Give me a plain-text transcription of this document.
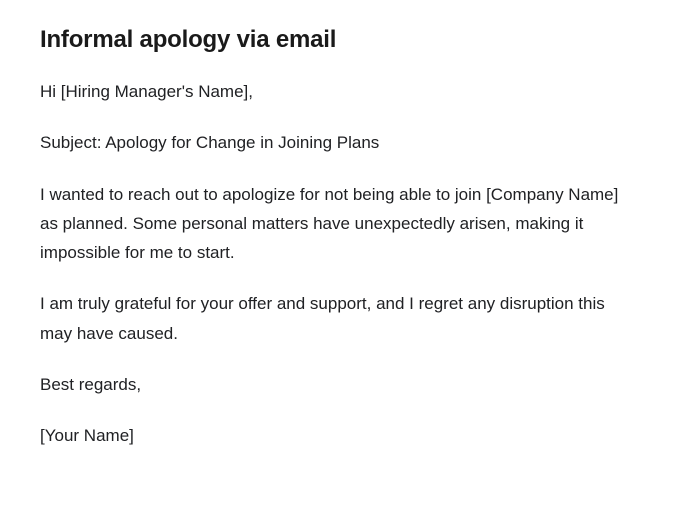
Informal apology via email

Hi [Hiring Manager's Name],

Subject: Apology for Change in Joining Plans

I wanted to reach out to apologize for not being able to join [Company Name] as planned. Some personal matters have unexpectedly arisen, making it impossible for me to start.

I am truly grateful for your offer and support, and I regret any disruption this may have caused.

Best regards,

[Your Name]
